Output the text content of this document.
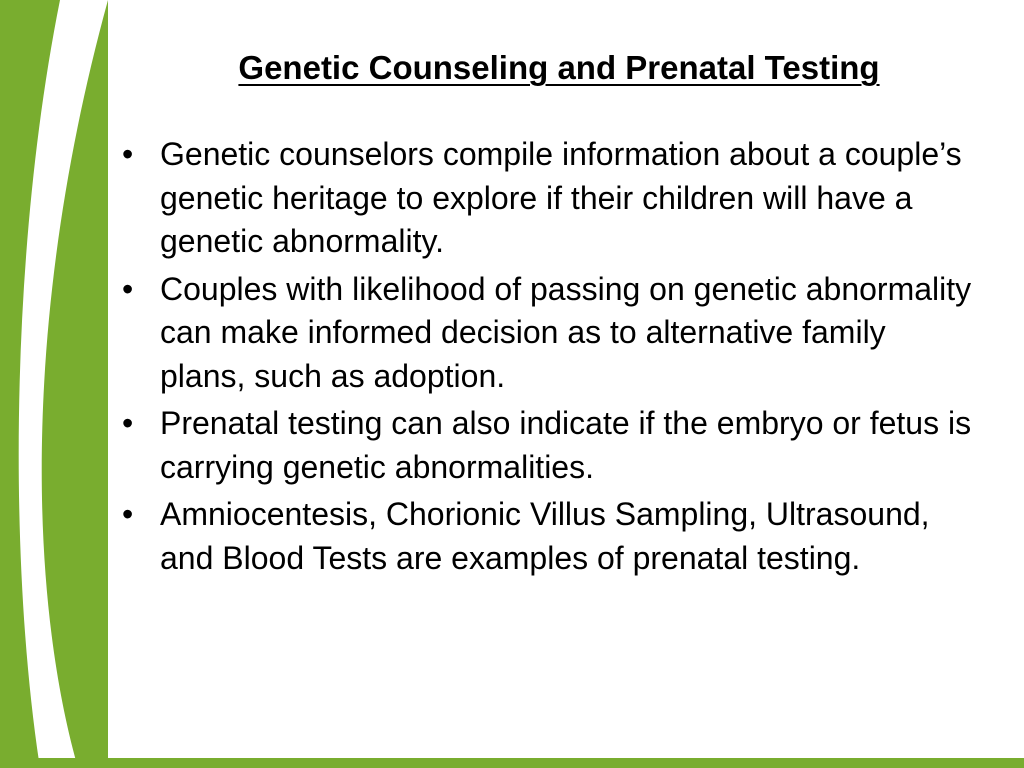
Genetic Counseling and Prenatal Testing
• Genetic counselors compile information about a couple’s genetic heritage to explore if their children will have a genetic abnormality.
• Couples with likelihood of passing on genetic abnormality can make informed decision as to alternative family plans, such as adoption.
• Prenatal testing can also indicate if the embryo or fetus is carrying genetic abnormalities.
• Amniocentesis, Chorionic Villus Sampling, Ultrasound, and Blood Tests are examples of prenatal testing.
